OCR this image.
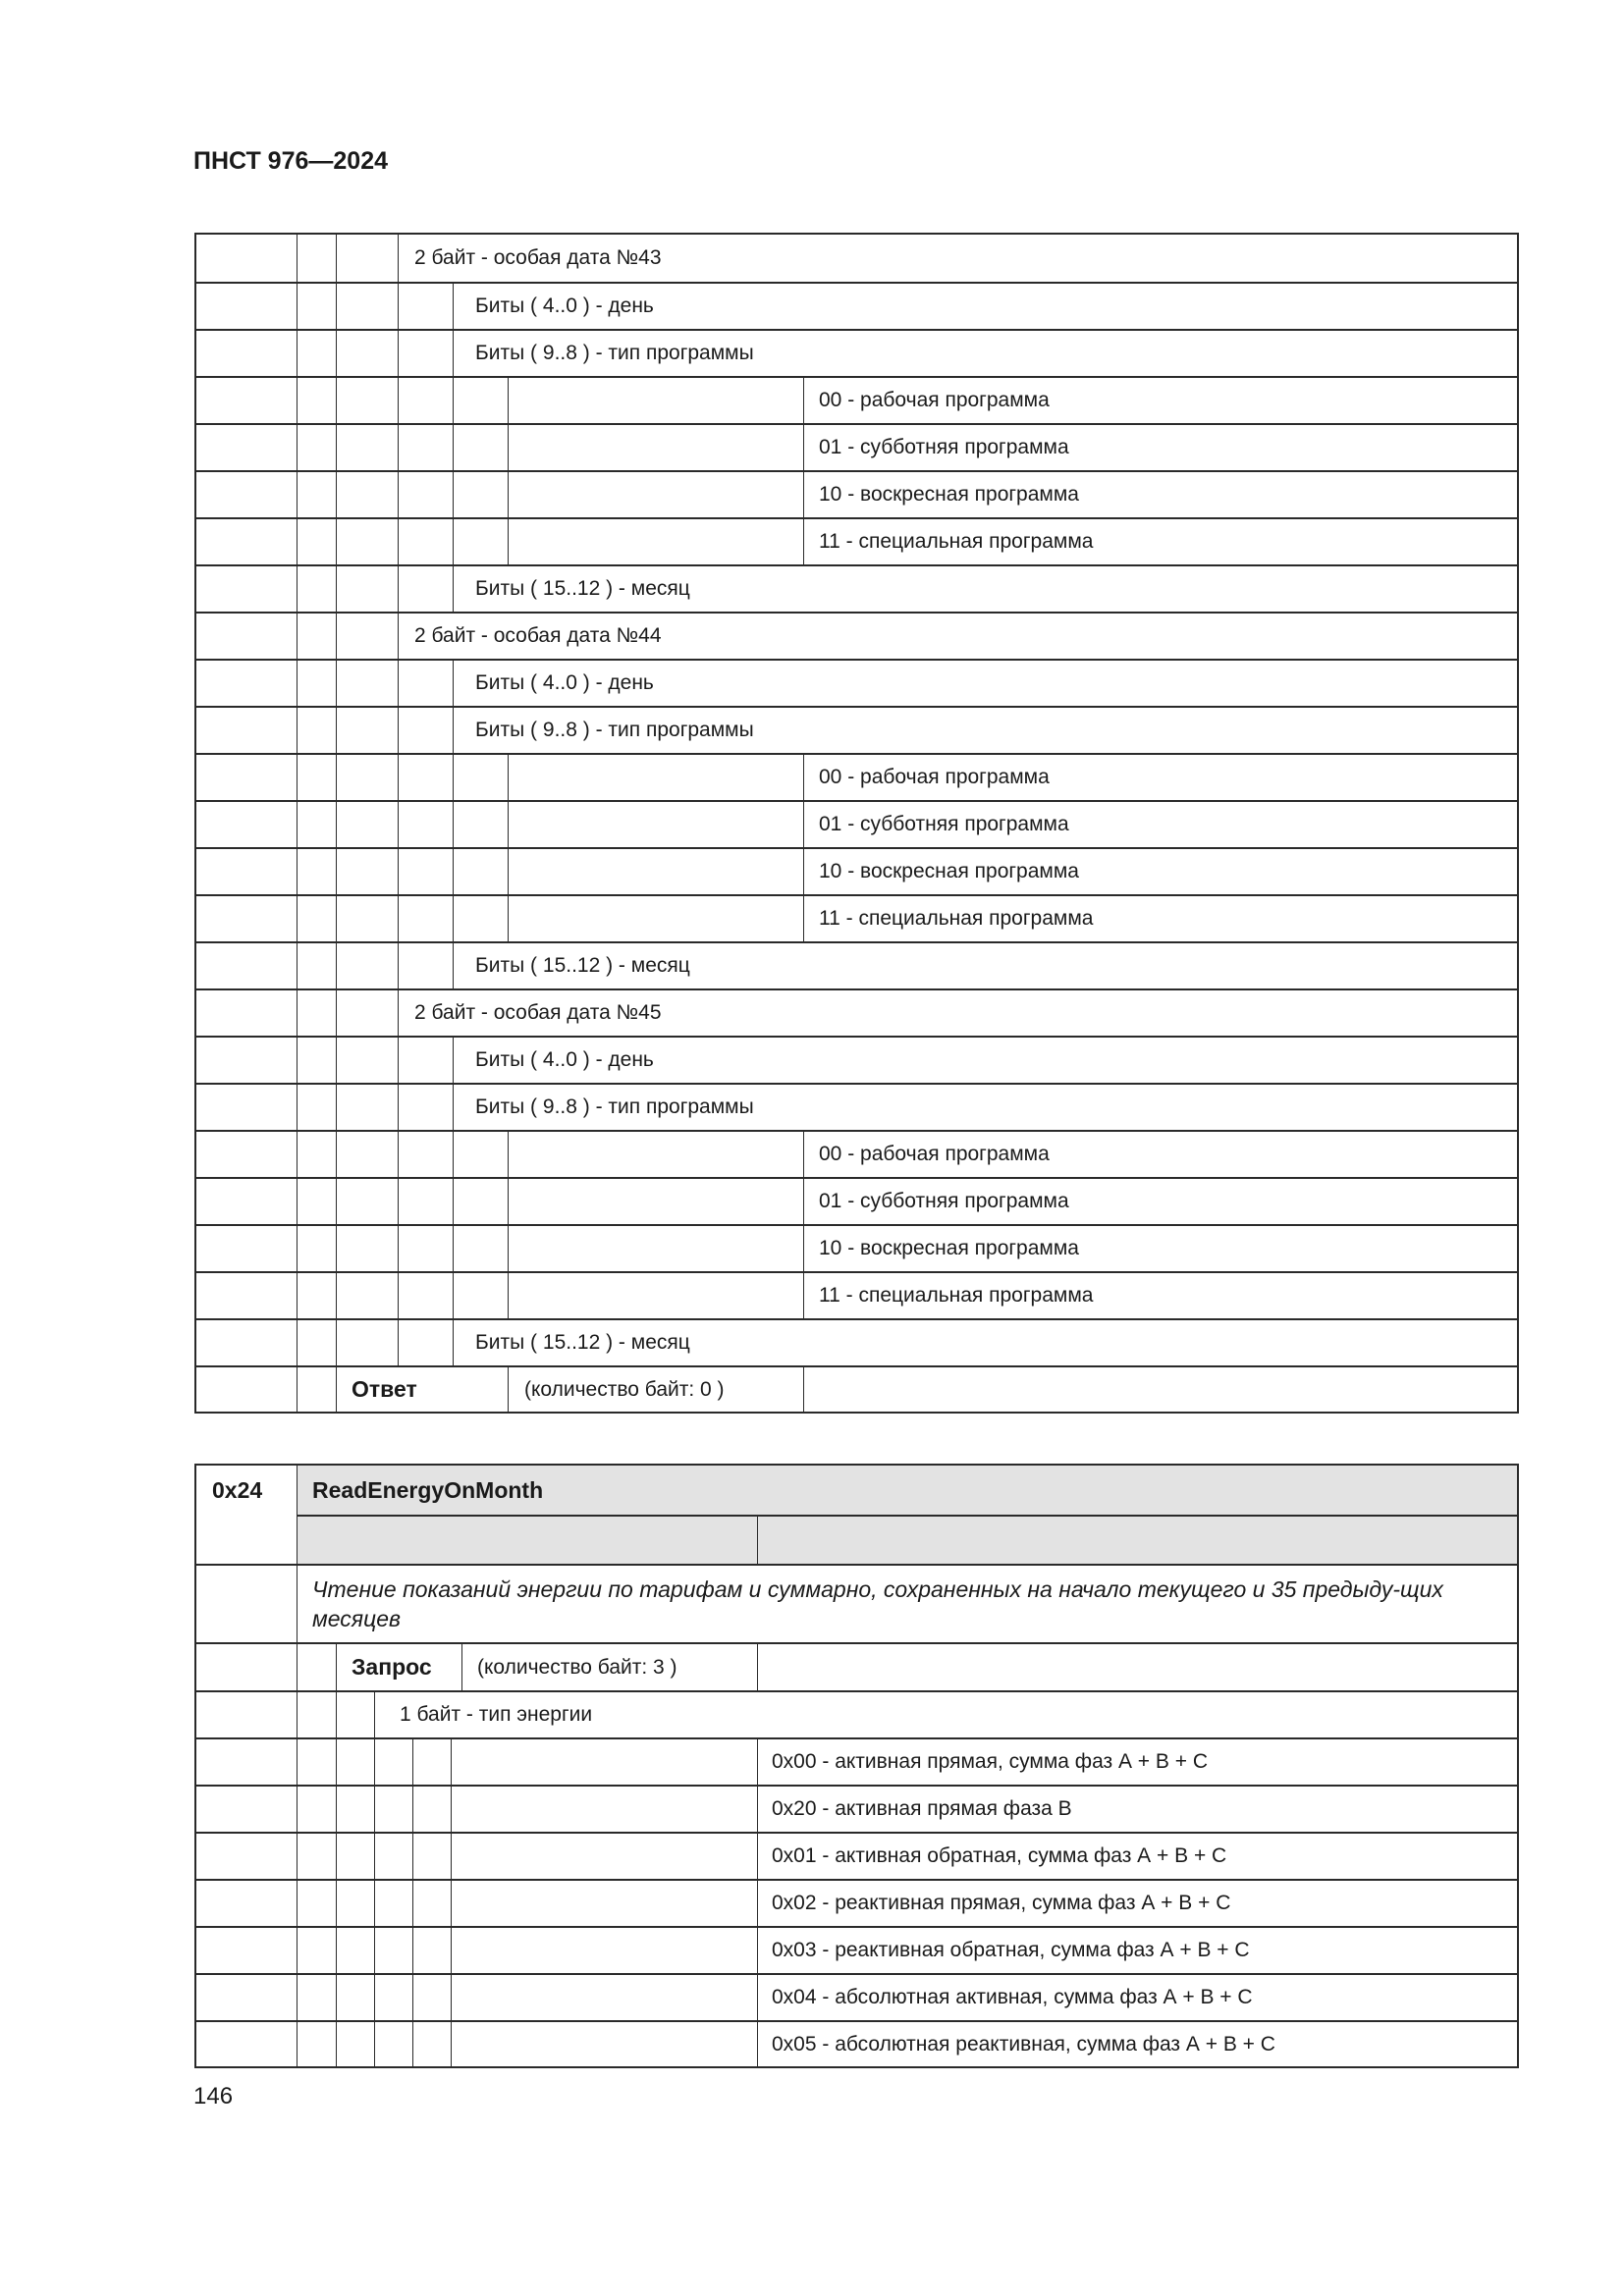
ПНСТ 976—2024
2 байт - особая дата №43
Биты ( 4..0 ) - день
Биты ( 9..8 ) - тип программы
00 - рабочая программа
01 - субботняя программа
10 - воскресная программа
11 - специальная программа
Биты ( 15..12 ) - месяц
2 байт - особая дата №44
Биты ( 4..0 ) - день
Биты ( 9..8 ) - тип программы
00 - рабочая программа
01 - субботняя программа
10 - воскресная программа
11 - специальная программа
Биты ( 15..12 ) - месяц
2 байт - особая дата №45
Биты ( 4..0 ) - день
Биты ( 9..8 ) - тип программы
00 - рабочая программа
01 - субботняя программа
10 - воскресная программа
11 - специальная программа
Биты ( 15..12 ) - месяц
Ответ	(количество байт: 0 )
0x24 ReadEnergyOnMonth
Чтение показаний энергии по тарифам и суммарно, сохраненных на начало текущего и 35 предыду-щих месяцев
Запрос (количество байт: 3 )
1 байт - тип энергии
0x00 - активная прямая, сумма фаз А + В + С
0x20 - активная прямая фаза В
0x01 - активная обратная, сумма фаз А + В + С
0x02 - реактивная прямая, сумма фаз А + В + С
0x03 - реактивная обратная, сумма фаз А + В + С
0x04 - абсолютная активная, сумма фаз А + В + С
0x05 - абсолютная реактивная, сумма фаз А + В + С
146
